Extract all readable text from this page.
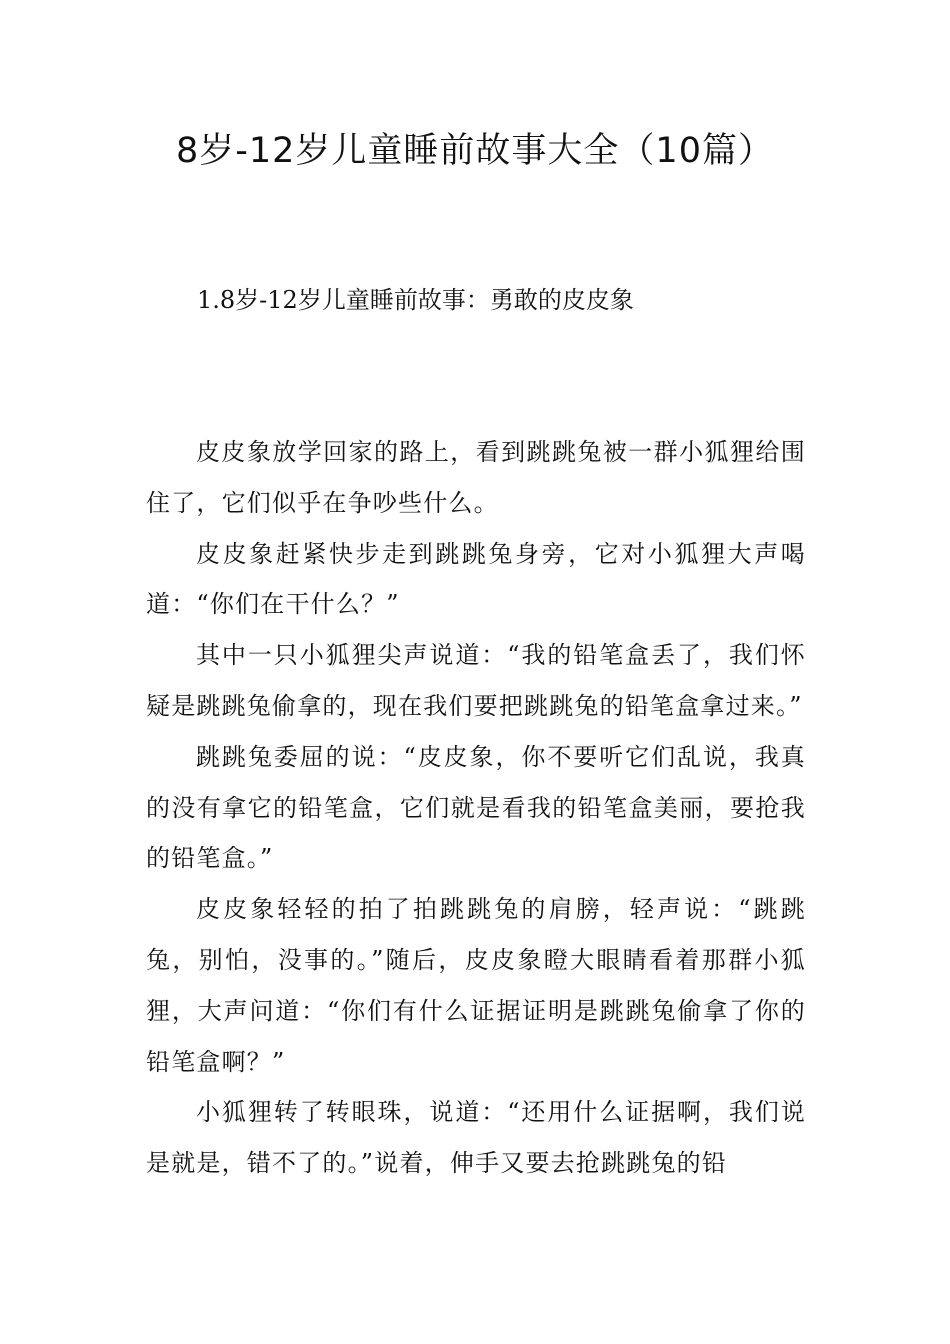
8岁-12岁儿童睡前故事大全（10篇）
1.8岁-12岁儿童睡前故事：勇敢的皮皮象

皮皮象放学回家的路上，看到跳跳兔被一群小狐狸给围住了，它们似乎在争吵些什么。

皮皮象赶紧快步走到跳跳兔身旁，它对小狐狸大声喝道：“你们在干什么？”

其中一只小狐狸尖声说道：“我的铅笔盒丢了，我们怀疑是跳跳兔偷拿的，现在我们要把跳跳兔的铅笔盒拿过来。”

跳跳兔委屈的说：“皮皮象，你不要听它们乱说，我真的没有拿它的铅笔盒，它们就是看我的铅笔盒美丽，要抢我的铅笔盒。”

皮皮象轻轻的拍了拍跳跳兔的肩膀，轻声说：“跳跳兔，别怕，没事的。”随后，皮皮象瞪大眼睛看着那群小狐狸，大声问道：“你们有什么证据证明是跳跳兔偷拿了你的铅笔盒啊？”

小狐狸转了转眼珠，说道：“还用什么证据啊，我们说是就是，错不了的。”说着，伸手又要去抢跳跳兔的铅
